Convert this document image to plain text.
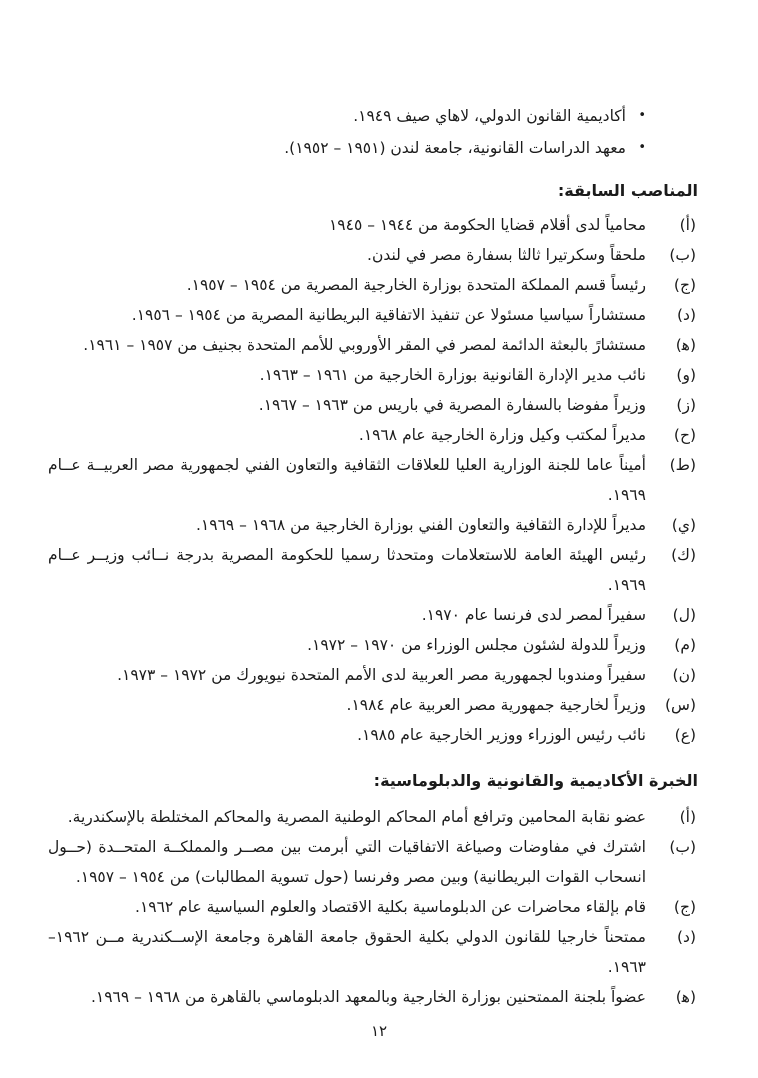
•
أكاديمية القانون الدولي، لاهاي صيف ١٩٤٩.
•
معهد الدراسات القانونية، جامعة لندن (١٩٥١ – ١٩٥٢).
المناصب السابقة:
(أ)
محامياً لدى أقلام قضايا الحكومة من ١٩٤٤ – ١٩٤٥
(ب)
ملحقاً وسكرتيرا ثالثا بسفارة مصر في لندن.
(ج)
رئيساً قسم المملكة المتحدة بوزارة الخارجية المصرية من ١٩٥٤ – ١٩٥٧.
(د)
مستشاراً سياسيا مسئولا عن تنفيذ الاتفاقية البريطانية المصرية من ١٩٥٤ – ١٩٥٦.
(ﻫ)
مستشارً بالبعثة الدائمة لمصر في المقر الأوروبي للأمم المتحدة بجنيف من ١٩٥٧ – ١٩٦١.
(و)
نائب مدير الإدارة القانونية بوزارة الخارجية من ١٩٦١ – ١٩٦٣.
(ز)
وزيراً مفوضا بالسفارة المصرية في باريس من ١٩٦٣ – ١٩٦٧.
(ح)
مديراً لمكتب وكيل وزارة الخارجية عام ١٩٦٨.
(ط)
أميناً عاما للجنة الوزارية العليا للعلاقات الثقافية والتعاون الفني لجمهورية مصر العربيــة عــام ١٩٦٩.
(ي)
مديراً للإدارة الثقافية والتعاون الفني بوزارة الخارجية من ١٩٦٨ – ١٩٦٩.
(ك)
رئيس الهيئة العامة للاستعلامات ومتحدثا رسميا للحكومة المصرية بدرجة نــائب وزيــر عــام ١٩٦٩.
(ل)
سفيراً لمصر لدى فرنسا عام ١٩٧٠.
(م)
وزيراً للدولة لشئون مجلس الوزراء من ١٩٧٠ – ١٩٧٢.
(ن)
سفيراً ومندوبا لجمهورية مصر العربية لدى الأمم المتحدة نيويورك من ١٩٧٢ – ١٩٧٣.
(س)
وزيراً لخارجية جمهورية مصر العربية عام ١٩٨٤.
(ع)
نائب رئيس الوزراء ووزير الخارجية عام ١٩٨٥.
الخبرة الأكاديمية والقانونية والدبلوماسية:
(أ)
عضو نقابة المحامين وترافع أمام المحاكم الوطنية المصرية والمحاكم المختلطة بالإسكندرية.
(ب)
اشترك في مفاوضات وصياغة الاتفاقيات التي أبرمت بين مصــر والمملكــة المتحــدة (حــول انسحاب القوات البريطانية) وبين مصر وفرنسا (حول تسوية المطالبات) من ١٩٥٤ – ١٩٥٧.
(ج)
قام بإلقاء محاضرات عن الدبلوماسية بكلية الاقتصاد والعلوم السياسية عام ١٩٦٢.
(د)
ممتحناً خارجيا للقانون الدولي بكلية الحقوق جامعة القاهرة وجامعة الإســكندرية مــن ١٩٦٢– ١٩٦٣.
(ﻫ)
عضواً بلجنة الممتحنين بوزارة الخارجية وبالمعهد الدبلوماسي بالقاهرة من ١٩٦٨ – ١٩٦٩.
١٢
